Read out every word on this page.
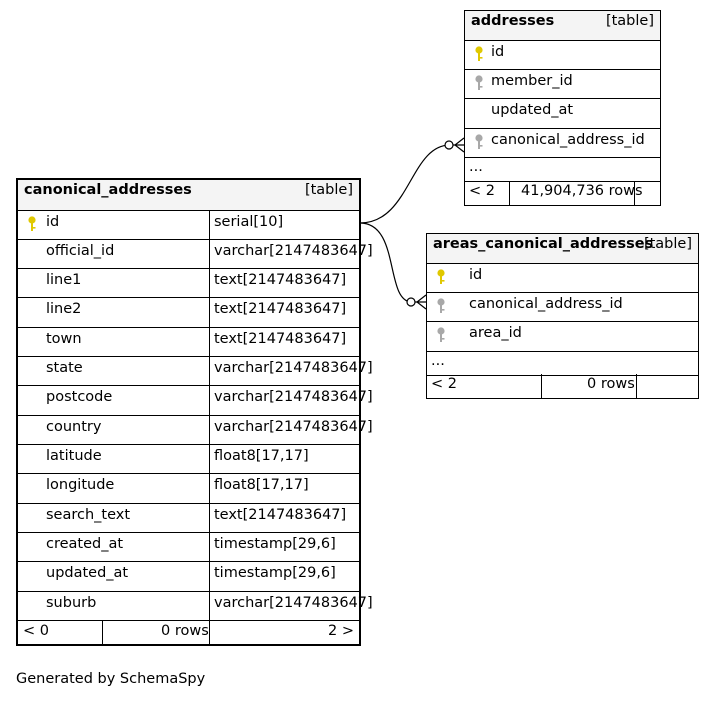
canonical_addresses	[table]
id	serial[10]
official_id	varchar[2147483647]
line1	text[2147483647]
line2	text[2147483647]
town	text[2147483647]
state	varchar[2147483647]
postcode	varchar[2147483647]
country	varchar[2147483647]
latitude	float8[17,17]
longitude	float8[17,17]
search_text	text[2147483647]
created_at	timestamp[29,6]
updated_at	timestamp[29,6]
suburb	varchar[2147483647]
< 0	0 rows	2 >
addresses	[table]
id
member_id
updated_at
canonical_address_id
...
< 2 41,904,736 rows
areas_canonical_addresses
[table]
id
canonical_address_id
area_id
...
< 2	0 rows
Generated by SchemaSpy
